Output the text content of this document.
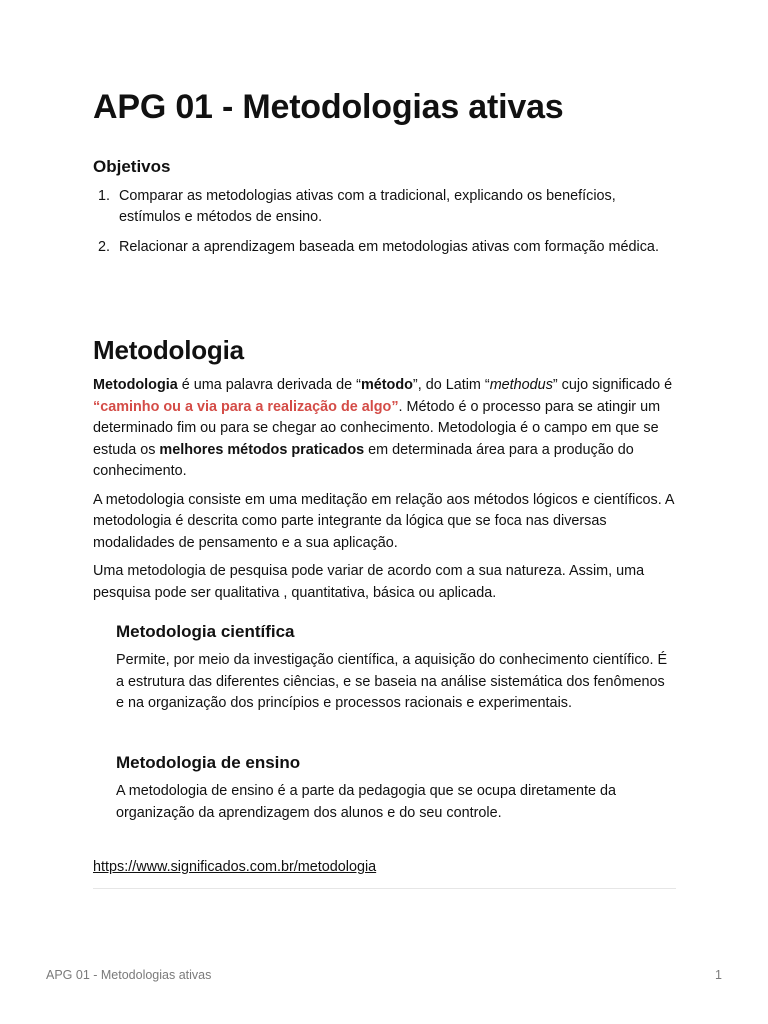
APG 01 - Metodologias ativas
Objetivos
1. Comparar as metodologias ativas com a tradicional, explicando os benefícios, estímulos e métodos de ensino.
2. Relacionar a aprendizagem baseada em metodologias ativas com formação médica.
Metodologia

Metodologia é uma palavra derivada de “método”, do Latim “methodus” cujo significado é “caminho ou a via para a realização de algo”. Método é o processo para se atingir um determinado fim ou para se chegar ao conhecimento. Metodologia é o campo em que se estuda os melhores métodos praticados em determinada área para a produção do conhecimento.

A metodologia consiste em uma meditação em relação aos métodos lógicos e científicos. A metodologia é descrita como parte integrante da lógica que se foca nas diversas modalidades de pensamento e a sua aplicação.

Uma metodologia de pesquisa pode variar de acordo com a sua natureza. Assim, uma pesquisa pode ser qualitativa , quantitativa, básica ou aplicada.

Metodologia científica

Permite, por meio da investigação científica, a aquisição do conhecimento científico. É a estrutura das diferentes ciências, e se baseia na análise sistemática dos fenômenos e na organização dos princípios e processos racionais e experimentais.

Metodologia de ensino

A metodologia de ensino é a parte da pedagogia que se ocupa diretamente da organização da aprendizagem dos alunos e do seu controle.

https://www.significados.com.br/metodologia
APG 01 - Metodologias ativas	1
